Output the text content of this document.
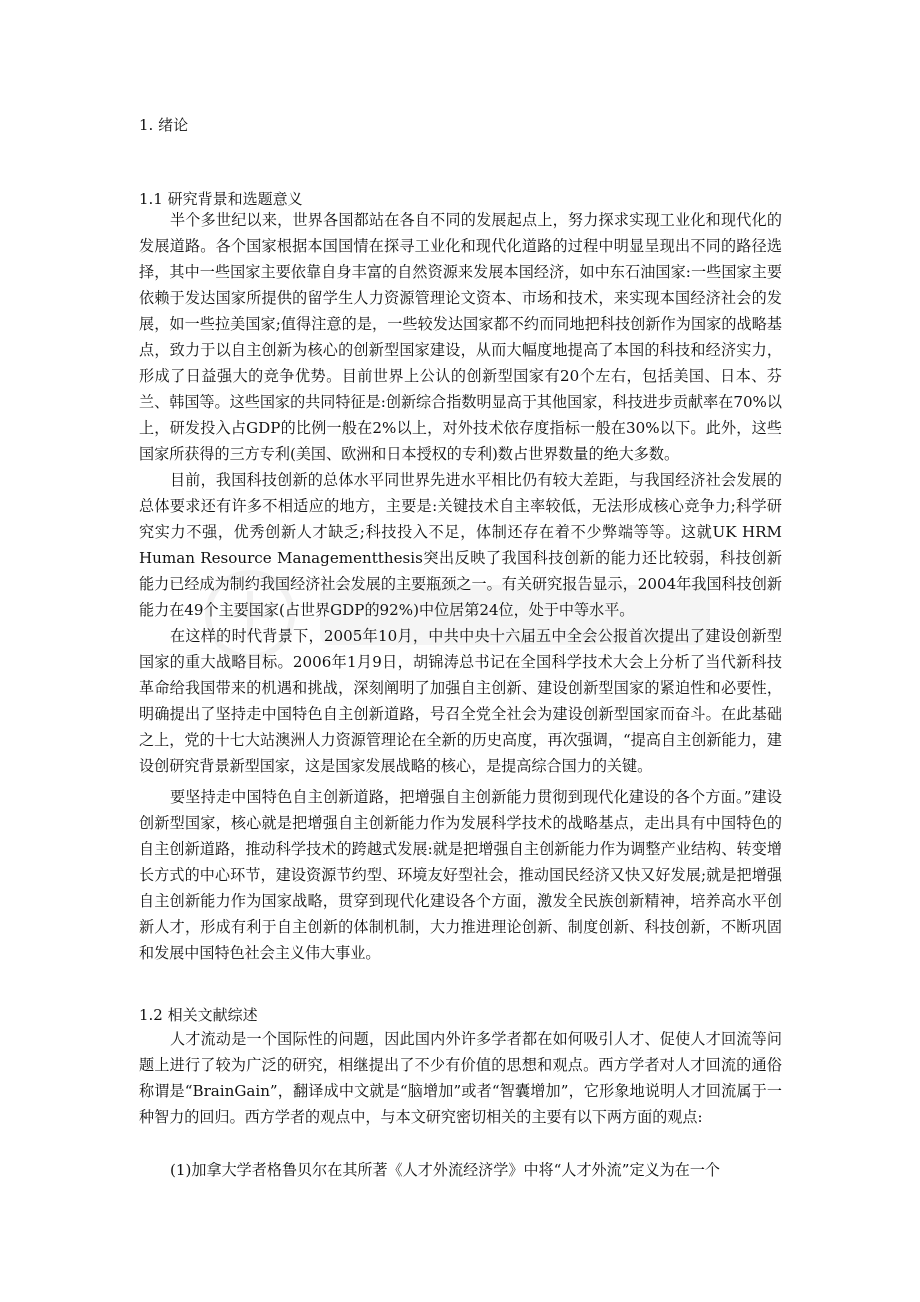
1. 绪论
1.1 研究背景和选题意义

半个多世纪以来，世界各国都站在各自不同的发展起点上，努力探求实现工业化和现代化的发展道路。各个国家根据本国国情在探寻工业化和现代化道路的过程中明显呈现出不同的路径选择，其中一些国家主要依靠自身丰富的自然资源来发展本国经济，如中东石油国家:一些国家主要依赖于发达国家所提供的留学生人力资源管理论文资本、市场和技术，来实现本国经济社会的发展，如一些拉美国家;值得注意的是，一些较发达国家都不约而同地把科技创新作为国家的战略基点，致力于以自主创新为核心的创新型国家建设，从而大幅度地提高了本国的科技和经济实力，形成了日益强大的竞争优势。目前世界上公认的创新型国家有20个左右，包括美国、日本、芬兰、韩国等。这些国家的共同特征是:创新综合指数明显高于其他国家，科技进步贡献率在70%以上，研发投入占GDP的比例一般在2%以上，对外技术依存度指标一般在30%以下。此外，这些国家所获得的三方专利(美国、欧洲和日本授权的专利)数占世界数量的绝大多数。

目前，我国科技创新的总体水平同世界先进水平相比仍有较大差距，与我国经济社会发展的总体要求还有许多不相适应的地方，主要是:关键技术自主率较低，无法形成核心竞争力;科学研究实力不强，优秀创新人才缺乏;科技投入不足，体制还存在着不少弊端等等。这就UK HRM Human Resource Managementthesis突出反映了我国科技创新的能力还比较弱，科技创新能力已经成为制约我国经济社会发展的主要瓶颈之一。有关研究报告显示，2004年我国科技创新能力在49个主要国家(占世界GDP的92%)中位居第24位，处于中等水平。

在这样的时代背景下，2005年10月，中共中央十六届五中全会公报首次提出了建设创新型国家的重大战略目标。2006年1月9日，胡锦涛总书记在全国科学技术大会上分析了当代新科技革命给我国带来的机遇和挑战，深刻阐明了加强自主创新、建设创新型国家的紧迫性和必要性，明确提出了坚持走中国特色自主创新道路，号召全党全社会为建设创新型国家而奋斗。在此基础之上，党的十七大站澳洲人力资源管理论在全新的历史高度，再次强调，“提高自主创新能力，建设创研究背景新型国家，这是国家发展战略的核心，是提高综合国力的关键。

要坚持走中国特色自主创新道路，把增强自主创新能力贯彻到现代化建设的各个方面。”建设创新型国家，核心就是把增强自主创新能力作为发展科学技术的战略基点，走出具有中国特色的自主创新道路，推动科学技术的跨越式发展:就是把增强自主创新能力作为调整产业结构、转变增长方式的中心环节，建设资源节约型、环境友好型社会，推动国民经济又快又好发展;就是把增强自主创新能力作为国家战略，贯穿到现代化建设各个方面，激发全民族创新精神，培养高水平创新人才，形成有利于自主创新的体制机制，大力推进理论创新、制度创新、科技创新，不断巩固和发展中国特色社会主义伟大事业。

1.2 相关文献综述

人才流动是一个国际性的问题，因此国内外许多学者都在如何吸引人才、促使人才回流等问题上进行了较为广泛的研究，相继提出了不少有价值的思想和观点。西方学者对人才回流的通俗称谓是“BrainGain”，翻译成中文就是“脑增加”或者“智囊增加”，它形象地说明人才回流属于一种智力的回归。西方学者的观点中，与本文研究密切相关的主要有以下两方面的观点:

(1)加拿大学者格鲁贝尔在其所著《人才外流经济学》中将“人才外流”定义为在一个
